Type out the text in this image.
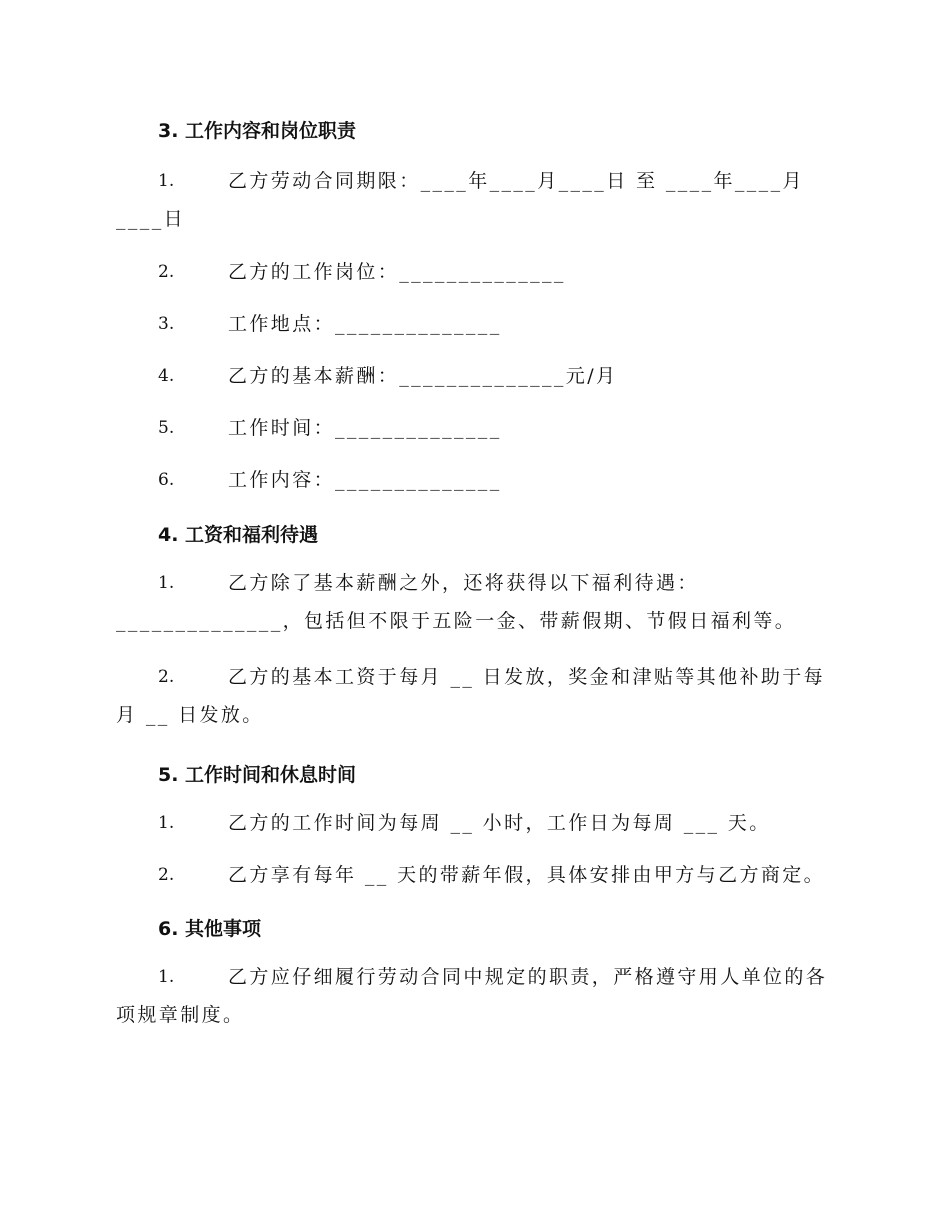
3. 工作内容和岗位职责
1.	乙方劳动合同期限：____年____月____日 至 ____年____月____日
2.	乙方的工作岗位：______________
3.	工作地点：______________
4.	乙方的基本薪酬：______________元/月
5.	工作时间：______________
6.	工作内容：______________
4. 工资和福利待遇
1.	乙方除了基本薪酬之外，还将获得以下福利待遇：______________，包括但不限于五险一金、带薪假期、节假日福利等。
2.	乙方的基本工资于每月 __ 日发放，奖金和津贴等其他补助于每月 __ 日发放。
5. 工作时间和休息时间
1.	乙方的工作时间为每周 __ 小时，工作日为每周 ___ 天。
2.	乙方享有每年 __ 天的带薪年假，具体安排由甲方与乙方商定。
6. 其他事项
1.	乙方应仔细履行劳动合同中规定的职责，严格遵守用人单位的各项规章制度。
